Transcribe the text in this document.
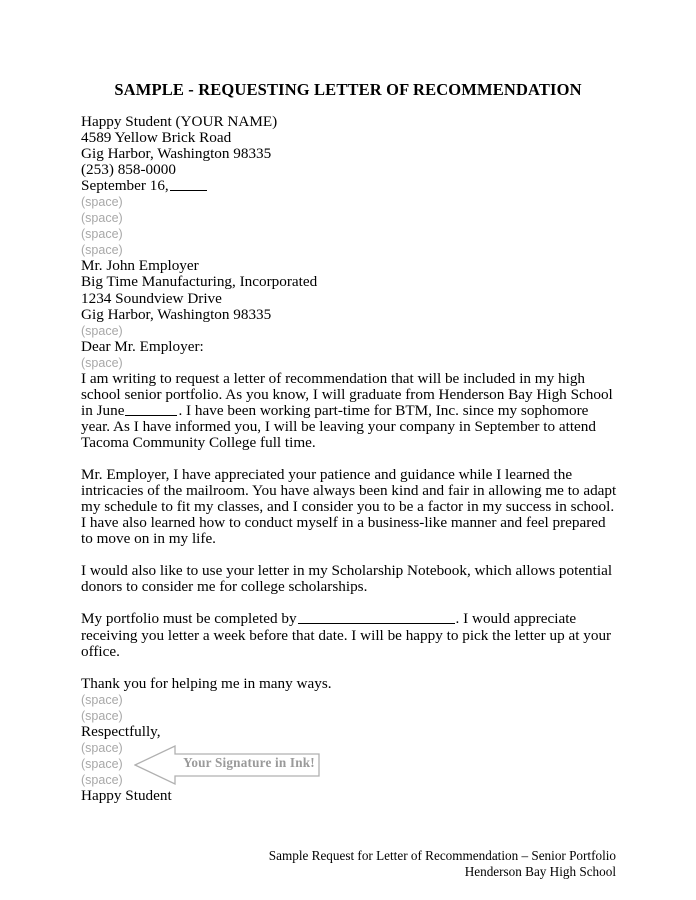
SAMPLE - REQUESTING LETTER OF RECOMMENDATION
Happy Student (YOUR NAME)
4589 Yellow Brick Road
Gig Harbor, Washington 98335
(253) 858-0000
September 16,
(space)
(space)
(space)
(space)
Mr. John Employer
Big Time Manufacturing, Incorporated
1234 Soundview Drive
Gig Harbor, Washington 98335
(space)
Dear Mr. Employer:
(space)

I am writing to request a letter of recommendation that will be included in my high school senior portfolio. As you know, I will graduate from Henderson Bay High School in June	. I have been working part-time for BTM, Inc. since my sophomore year. As I have informed you, I will be leaving your company in September to attend Tacoma Community College full time.

Mr. Employer, I have appreciated your patience and guidance while I learned the intricacies of the mailroom. You have always been kind and fair in allowing me to adapt my schedule to fit my classes, and I consider you to be a factor in my success in school. I have also learned how to conduct myself in a business-like manner and feel prepared to move on in my life.

I would also like to use your letter in my Scholarship Notebook, which allows potential donors to consider me for college scholarships.

My portfolio must be completed by	. I would appreciate receiving you letter a week before that date. I will be happy to pick the letter up at your office.

Thank you for helping me in many ways.

(space)
(space)
Respectfully,
(space)
(space)
(space)
Happy Student
Your Signature in Ink!
Sample Request for Letter of Recommendation – Senior Portfolio
Henderson Bay High School
